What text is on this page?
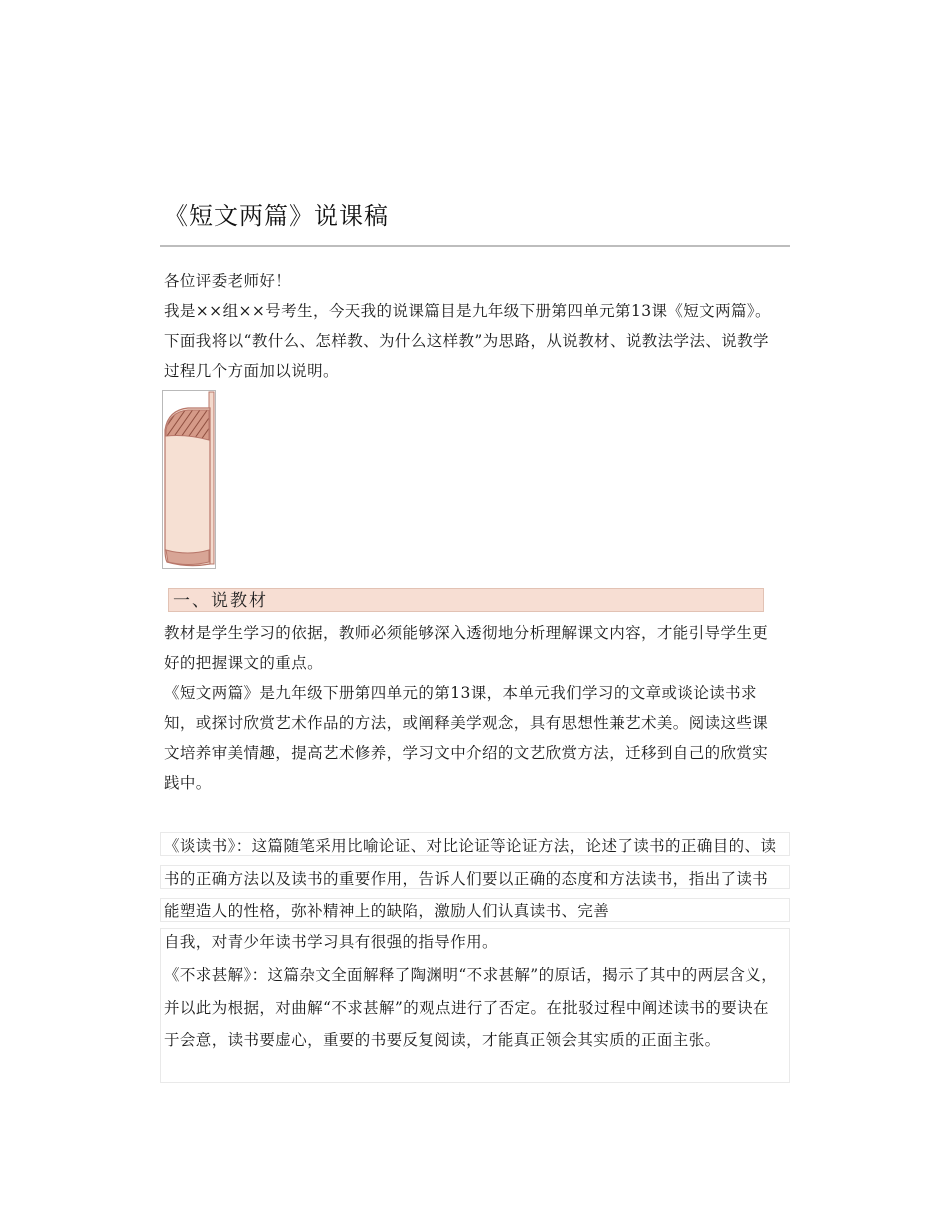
《短文两篇》说课稿

各位评委老师好！

我是××组××号考生，今天我的说课篇目是九年级下册第四单元第13课《短文两篇》。下面我将以“教什么、怎样教、为什么这样教”为思路，从说教材、说教法学法、说教学过程几个方面加以说明。

一、说教材

教材是学生学习的依据，教师必须能够深入透彻地分析理解课文内容，才能引导学生更好的把握课文的重点。

《短文两篇》是九年级下册第四单元的第13课，本单元我们学习的文章或谈论读书求知，或探讨欣赏艺术作品的方法，或阐释美学观念，具有思想性兼艺术美。阅读这些课文培养审美情趣，提高艺术修养，学习文中介绍的文艺欣赏方法，迁移到自己的欣赏实践中。

《谈读书》：这篇随笔采用比喻论证、对比论证等论证方法，论述了读书的正确目的、读书的正确方法以及读书的重要作用，告诉人们要以正确的态度和方法读书，指出了读书能塑造人的性格，弥补精神上的缺陷，激励人们认真读书、完善

自我，对青少年读书学习具有很强的指导作用。

《不求甚解》：这篇杂文全面解释了陶渊明“不求甚解”的原话，揭示了其中的两层含义，并以此为根据，对曲解“不求甚解”的观点进行了否定。在批驳过程中阐述读书的要诀在于会意，读书要虚心，重要的书要反复阅读，才能真正领会其实质的正面主张。
